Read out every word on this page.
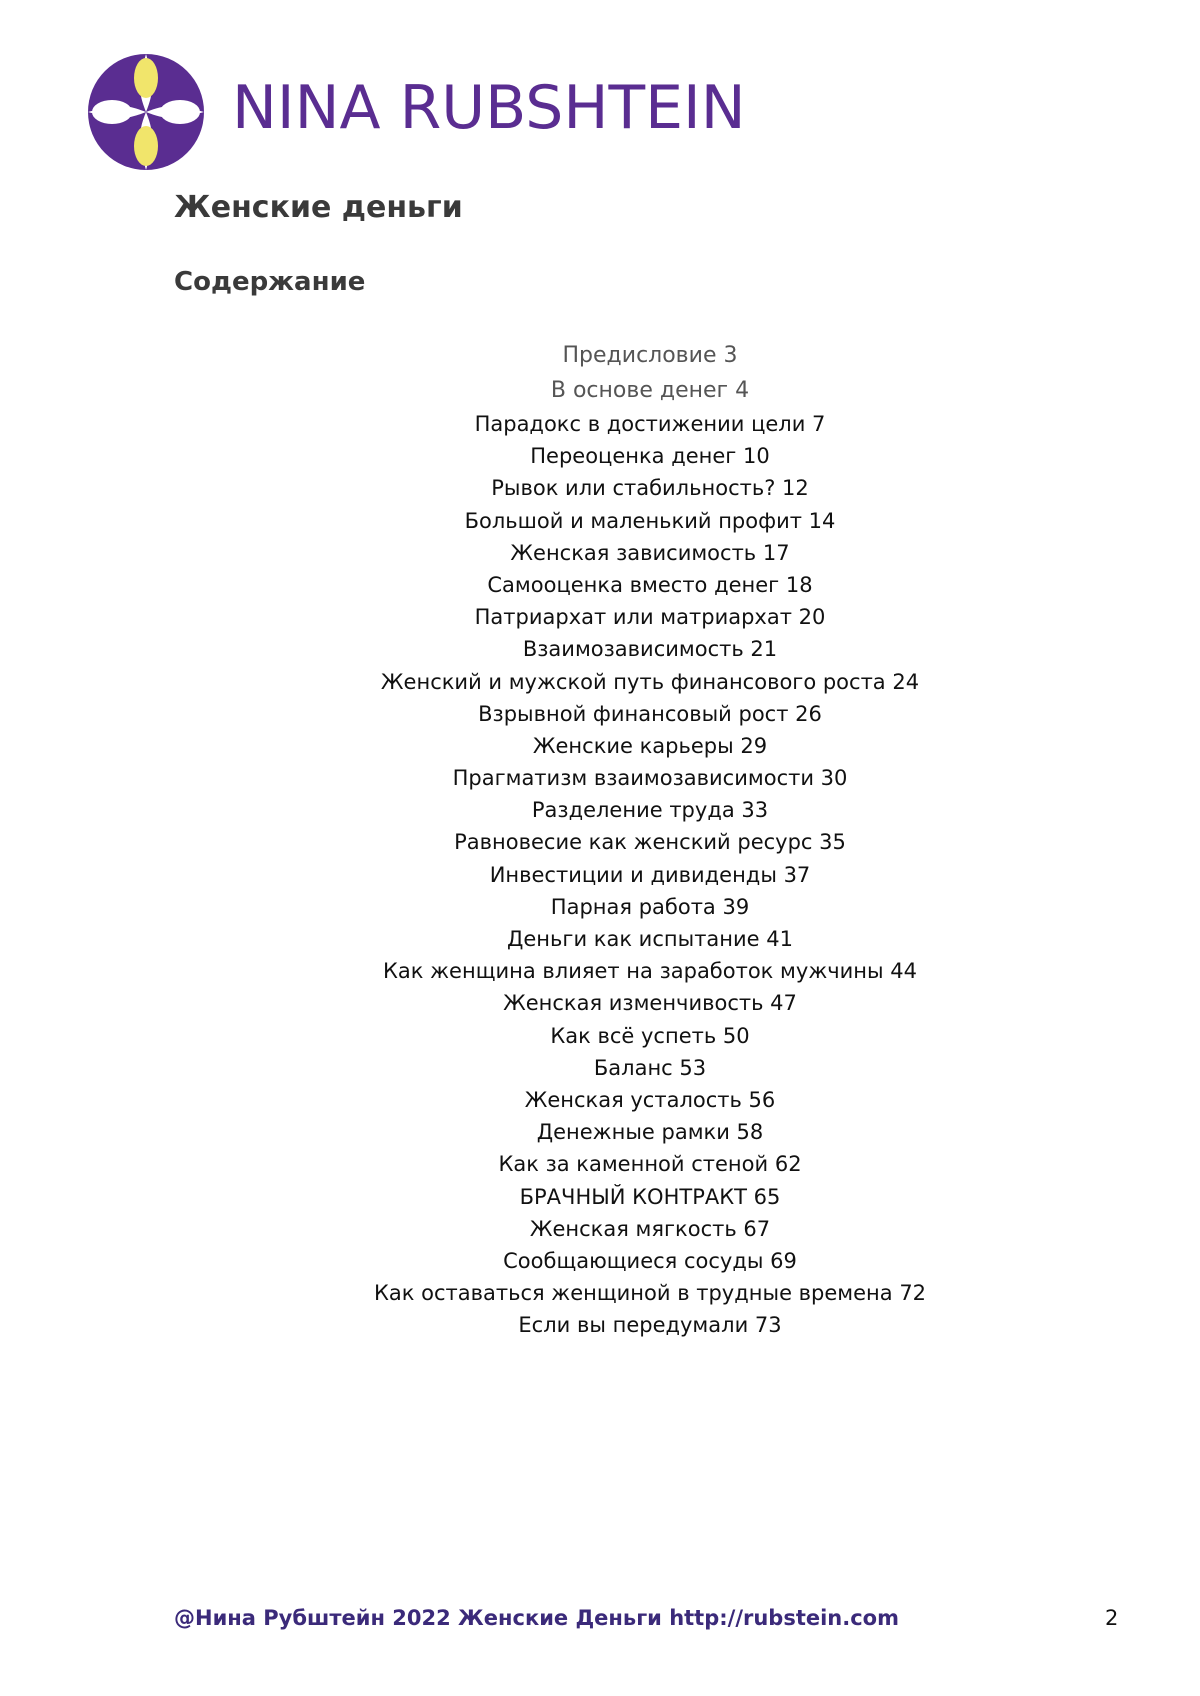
NINA RUBSHTEIN
Женские деньги
Содержание
Предисловие 3
В основе денег 4
Парадокс в достижении цели 7
Переоценка денег 10
Рывок или стабильность? 12
Большой и маленький профит 14
Женская зависимость 17
Самооценка вместо денег 18
Патриархат или матриархат 20
Взаимозависимость 21
Женский и мужской путь финансового роста 24
Взрывной финансовый рост 26
Женские карьеры 29
Прагматизм взаимозависимости 30
Разделение труда 33
Равновесие как женский ресурс 35
Инвестиции и дивиденды 37
Парная работа 39
Деньги как испытание 41
Как женщина влияет на заработок мужчины 44
Женская изменчивость 47
Как всё успеть 50
Баланс 53
Женская усталость 56
Денежные рамки 58
Как за каменной стеной 62
БРАЧНЫЙ КОНТРАКТ 65
Женская мягкость 67
Сообщающиеся сосуды 69
Как оставаться женщиной в трудные времена 72
Если вы передумали 73
@Нина Рубштейн 2022 Женские Деньги http://rubstein.com	2
